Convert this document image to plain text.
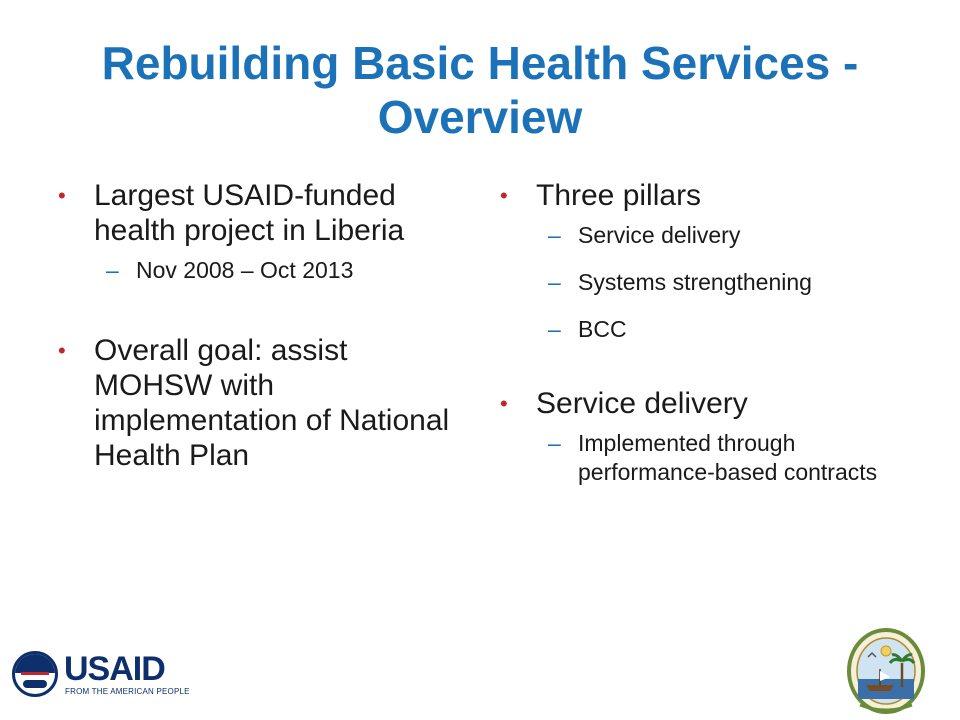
Rebuilding Basic Health Services - Overview
• Largest USAID-funded health project in Liberia
– Nov 2008 – Oct 2013
• Overall goal: assist MOHSW with implementation of National Health Plan
• Three pillars
– Service delivery
– Systems strengthening
– BCC
• Service delivery
– Implemented through performance-based contracts
USAID
FROM THE AMERICAN PEOPLE
